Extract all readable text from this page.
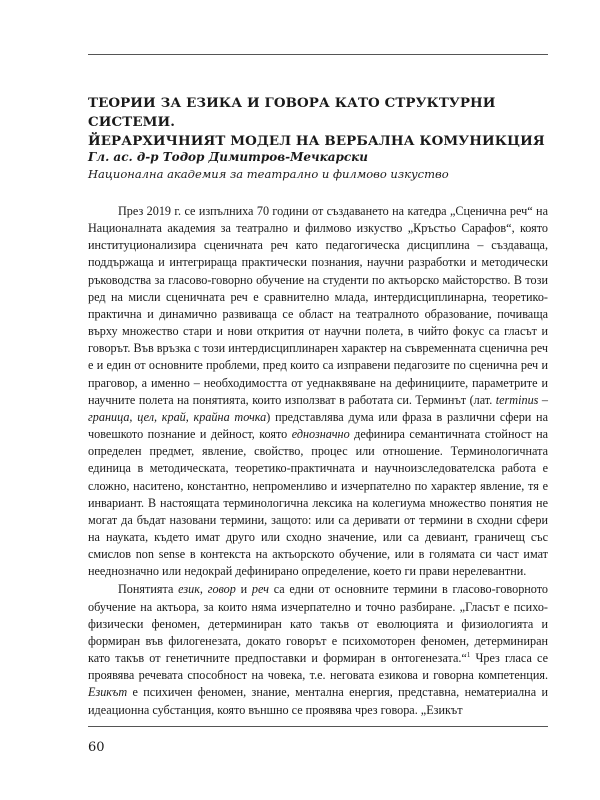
ТЕОРИИ ЗА ЕЗИКА И ГОВОРА КАТО СТРУКТУРНИ СИСТЕМИ.
ЙЕРАРХИЧНИЯТ МОДЕЛ НА ВЕРБАЛНА КОМУНИКЦИЯ
Гл. ас. д-р Тодор Димитров-Мечкарски
Национална академия за театрално и филмово изкуство

През 2019 г. се изпълниха 70 години от създаването на катедра „Сценична реч“ на Националната академия за театрално и филмово изкуство „Кръстьо Сарафов“, която институционализира сценичната реч като педагогическа дисциплина – създаваща, поддържаща и интегрираща практически познания, научни разработки и методически ръководства за гласово-говорно обучение на студенти по актьорско майсторство. В този ред на мисли сценичната реч е сравнително млада, интердисциплинарна, теоретико-практична и динамично развиваща се област на театралното образование, почиваща върху множество стари и нови открития от научни полета, в чийто фокус са гласът и говорът. Във връзка с този интердисциплинарен характер на съвременната сценична реч е и един от основните проблеми, пред които са изправени педагозите по сценична реч и праговор, а именно – необходимостта от уеднаквяване на дефинициите, параметрите и научните полета на понятията, които използват в работата си. Терминът (лат. terminus – граница, цел, край, крайна точка) представлява дума или фраза в различни сфери на човешкото познание и дейност, която еднозначно дефинира семантичната стойност на определен предмет, явление, свойство, процес или отношение. Терминологичната единица в методическата, теоретико-практичната и научноизследователска работа е сложно, наситено, константно, непроменливо и изчерпателно по характер явление, тя е инвариант. В настоящата терминологична лексика на колегиума множество понятия не могат да бъдат назовани термини, защото: или са деривати от термини в сходни сфери на науката, където имат друго или сходно значение, или са девиант, граничещ със смислов non sense в контекста на актьорското обучение, или в голямата си част имат нееднозначно или недокрай дефинирано определение, което ги прави нерелевантни.

Понятията език, говор и реч са едни от основните термини в гласово-говорното обучение на актьора, за които няма изчерпателно и точно разбиране. „Гласът е психо-физически феномен, детерминиран като такъв от еволюцията и физиологията и формиран във филогенезата, докато говорът е психомоторен феномен, детерминиран като такъв от генетичните предпоставки и формиран в онтогенезата.“$^1$ Чрез гласа се проявява речевата способност на човека, т.е. неговата езикова и говорна компетенция. Езикът е психичен феномен, знание, ментална енергия, представна, нематериална и идеационна субстанция, която външно се проявява чрез говора. „Езикът

60
